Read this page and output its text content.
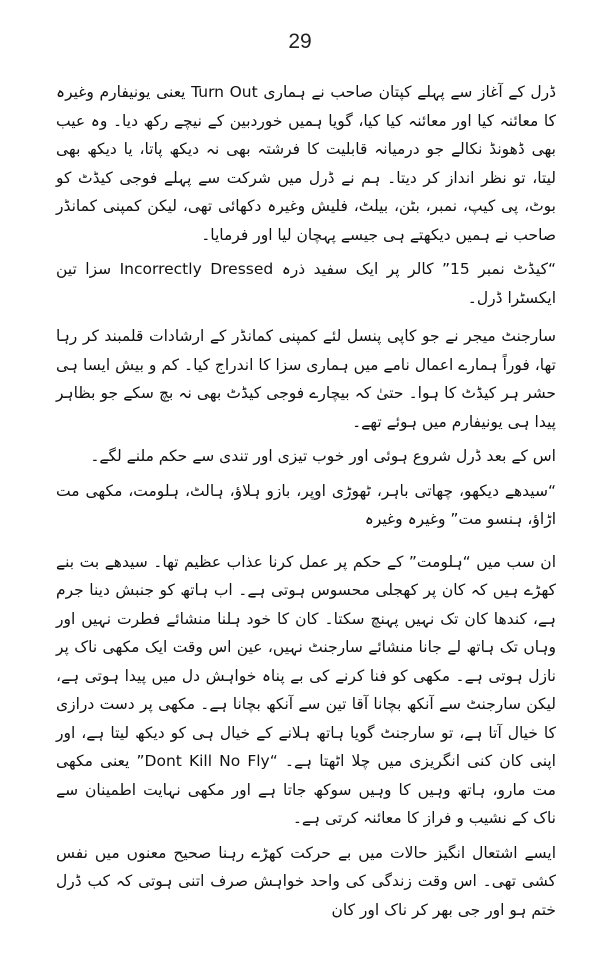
29

ڈرل کے آغاز سے پہلے کپتان صاحب نے ہماری Turn Out یعنی یونیفارم وغیرہ کا معائنہ کیا اور معائنہ کیا کیا، گویا ہمیں خوردبین کے نیچے رکھ دیا۔ وہ عیب بھی ڈھونڈ نکالے جو درمیانہ قابلیت کا فرشتہ بھی نہ دیکھ پاتا، یا دیکھ بھی لیتا، تو نظر انداز کر دیتا۔ ہم نے ڈرل میں شرکت سے پہلے فوجی کیڈٹ کو بوٹ، پی کیپ، نمبر، بٹن، بیلٹ، فلیش وغیرہ دکھائی تھی، لیکن کمپنی کمانڈر صاحب نے ہمیں دیکھتے ہی جیسے پہچان لیا اور فرمایا۔

“کیڈٹ نمبر 15” کالر پر ایک سفید ذرہ Incorrectly Dressed سزا تین ایکسٹرا ڈرل۔

سارجنٹ میجر نے جو کاپی پنسل لئے کمپنی کمانڈر کے ارشادات قلمبند کر رہا تھا، فوراً ہمارے اعمال نامے میں ہماری سزا کا اندراج کیا۔ کم و بیش ایسا ہی حشر ہر کیڈٹ کا ہوا۔ حتیٰ کہ بیچارے فوجی کیڈٹ بھی نہ بچ سکے جو بظاہر پیدا ہی یونیفارم میں ہوئے تھے۔

اس کے بعد ڈرل شروع ہوئی اور خوب تیزی اور تندی سے حکم ملنے لگے۔

“سیدھے دیکھو، چھاتی باہر، ٹھوڑی اوپر، بازو ہلاؤ، ہالٹ، ہلومت، مکھی مت اڑاؤ، ہنسو مت” وغیرہ وغیرہ

ان سب میں “ہلومت” کے حکم پر عمل کرنا عذاب عظیم تھا۔ سیدھے بت بنے کھڑے ہیں کہ کان پر کھجلی محسوس ہوتی ہے۔ اب ہاتھ کو جنبش دینا جرم ہے، کندھا کان تک نہیں پہنچ سکتا۔ کان کا خود ہلنا منشائے فطرت نہیں اور وہاں تک ہاتھ لے جانا منشائے سارجنٹ نہیں، عین اس وقت ایک مکھی ناک پر نازل ہوتی ہے۔ مکھی کو فنا کرنے کی بے پناہ خواہش دل میں پیدا ہوتی ہے، لیکن سارجنٹ سے آنکھ بچانا آقا تین سے آنکھ بچانا ہے۔ مکھی پر دست درازی کا خیال آتا ہے، تو سارجنٹ گویا ہاتھ ہلانے کے خیال ہی کو دیکھ لیتا ہے، اور اپنی کان کنی انگریزی میں چلا اٹھتا ہے۔ “Dont Kill No Fly” یعنی مکھی مت مارو، ہاتھ وہیں کا وہیں سوکھ جاتا ہے اور مکھی نہایت اطمینان سے ناک کے نشیب و فراز کا معائنہ کرتی ہے۔

ایسے اشتعال انگیز حالات میں بے حرکت کھڑے رہنا صحیح معنوں میں نفس کشی تھی۔ اس وقت زندگی کی واحد خواہش صرف اتنی ہوتی کہ کب ڈرل ختم ہو اور جی بھر کر ناک اور کان
